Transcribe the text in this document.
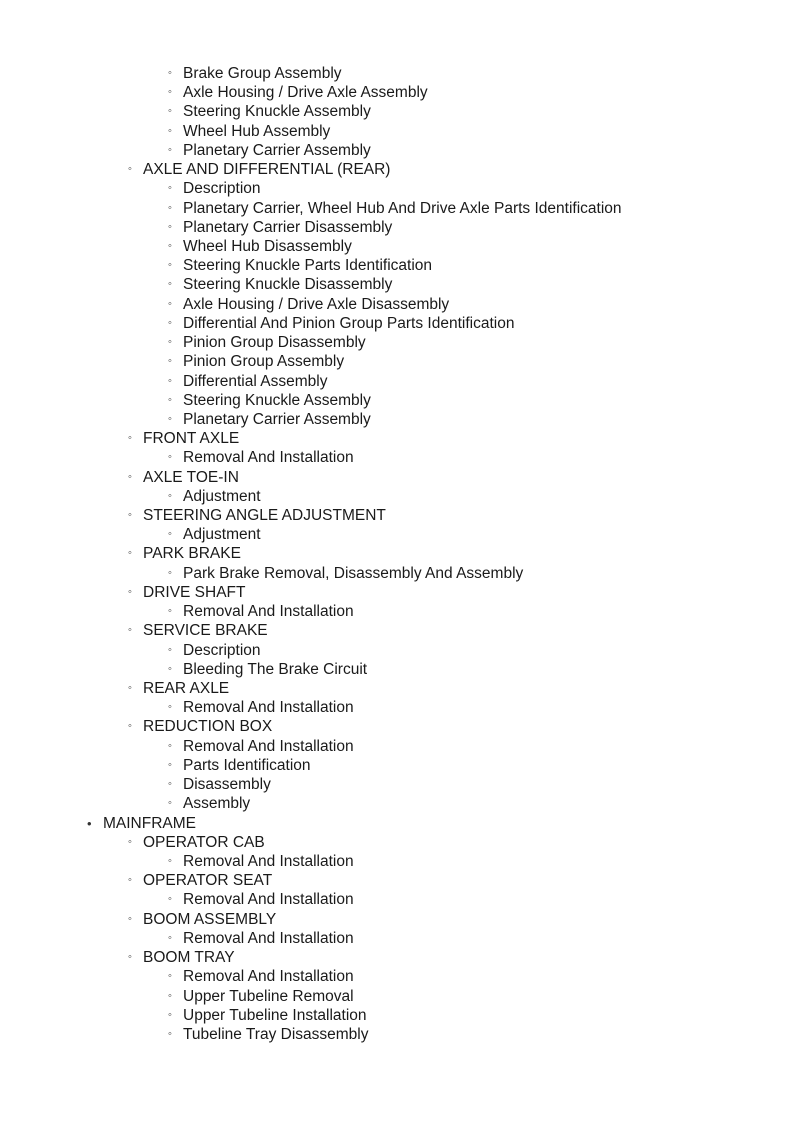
◦ Brake Group Assembly
◦ Axle Housing / Drive Axle Assembly
◦ Steering Knuckle Assembly
◦ Wheel Hub Assembly
◦ Planetary Carrier Assembly
◦ AXLE AND DIFFERENTIAL (REAR)
◦ Description
◦ Planetary Carrier, Wheel Hub And Drive Axle Parts Identification
◦ Planetary Carrier Disassembly
◦ Wheel Hub Disassembly
◦ Steering Knuckle Parts Identification
◦ Steering Knuckle Disassembly
◦ Axle Housing / Drive Axle Disassembly
◦ Differential And Pinion Group Parts Identification
◦ Pinion Group Disassembly
◦ Pinion Group Assembly
◦ Differential Assembly
◦ Steering Knuckle Assembly
◦ Planetary Carrier Assembly
◦ FRONT AXLE
◦ Removal And Installation
◦ AXLE TOE-IN
◦ Adjustment
◦ STEERING ANGLE ADJUSTMENT
◦ Adjustment
◦ PARK BRAKE
◦ Park Brake Removal, Disassembly And Assembly
◦ DRIVE SHAFT
◦ Removal And Installation
◦ SERVICE BRAKE
◦ Description
◦ Bleeding The Brake Circuit
◦ REAR AXLE
◦ Removal And Installation
◦ REDUCTION BOX
◦ Removal And Installation
◦ Parts Identification
◦ Disassembly
◦ Assembly
• MAINFRAME
◦ OPERATOR CAB
◦ Removal And Installation
◦ OPERATOR SEAT
◦ Removal And Installation
◦ BOOM ASSEMBLY
◦ Removal And Installation
◦ BOOM TRAY
◦ Removal And Installation
◦ Upper Tubeline Removal
◦ Upper Tubeline Installation
◦ Tubeline Tray Disassembly
